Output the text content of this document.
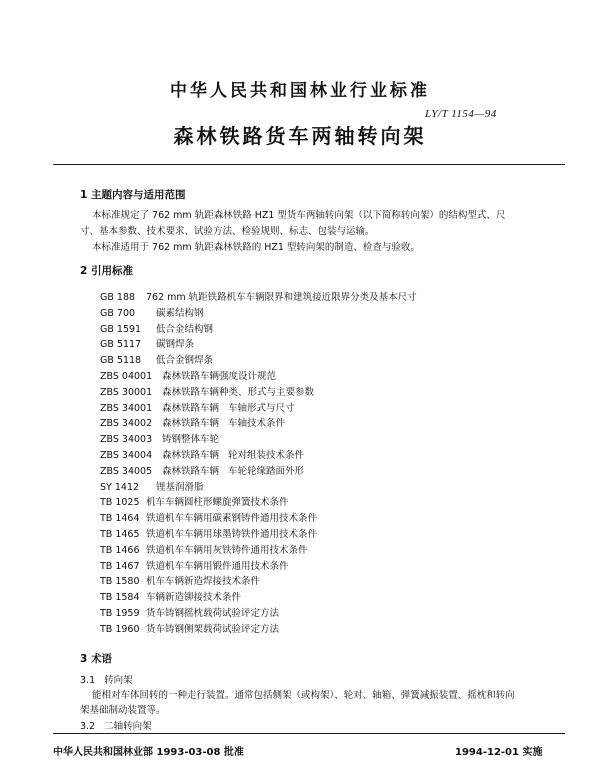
中华人民共和国林业行业标准
LY/T 1154—94
森林铁路货车两轴转向架
1 主题内容与适用范围
本标准规定了 762 mm 轨距森林铁路 HZ1 型货车两轴转向架（以下简称转向架）的结构型式、尺
寸、基本参数、技术要求、试验方法、检验规则、标志、包装与运输。
本标准适用于 762 mm 轨距森林铁路的 HZ1 型转向架的制造、检查与验收。
2 引用标准
GB 188 762 mm 轨距铁路机车车辆限界和建筑接近限界分类及基本尺寸
GB 700 碳素结构钢
GB 1591 低合金结构钢
GB 5117 碳钢焊条
GB 5118 低合金钢焊条
ZBS 04001 森林铁路车辆强度设计规范
ZBS 30001 森林铁路车辆种类、形式与主要参数
ZBS 34001 森林铁路车辆   车轴形式与尺寸
ZBS 34002 森林铁路车辆   车轴技术条件
ZBS 34003 铸钢整体车轮
ZBS 34004 森林铁路车辆   轮对组装技术条件
ZBS 34005 森林铁路车辆   车轮轮缘踏面外形
SY 1412 锂基润滑脂
TB 1025 机车车辆圆柱形螺旋弹簧技术条件
TB 1464 铁道机车车辆用碳素钢铸件通用技术条件
TB 1465 铁道机车车辆用球墨铸铁件通用技术条件
TB 1466 铁道机车车辆用灰铁铸件通用技术条件
TB 1467 铁道机车车辆用锻件通用技术条件
TB 1580 机车车辆新造焊接技术条件
TB 1584 车辆新造铆接技术条件
TB 1959 货车铸钢摇枕载荷试验评定方法
TB 1960 货车铸钢侧架载荷试验评定方法
3 术语
3.1   转向架
能相对车体回转的一种走行装置。通常包括侧架（或构架）、轮对、轴箱、弹簧减振装置、摇枕和转向
架基础制动装置等。
3.2   二轴转向架
中华人民共和国林业部 1993-03-08 批准	1994-12-01 实施
